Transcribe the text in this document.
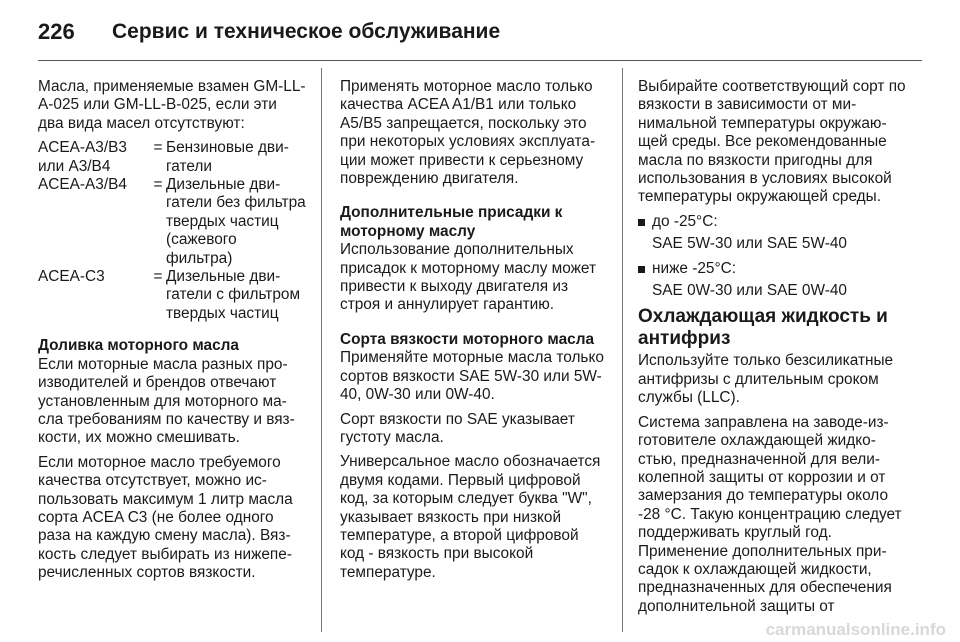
226	Сервис и техническое обслуживание

Масла, применяемые взамен GM-LL-A-025 или GM-LL-B-025, если эти два вида масел отсутствуют:

ACEA-A3/B3 или A3/B4	=	Бензиновые двигатели
ACEA-A3/B4	=	Дизельные двигатели без фильтра твердых частиц (сажевого фильтра)
ACEA-C3	=	Дизельные двигатели с фильтром твердых частиц

Доливка моторного масла

Если моторные масла разных производителей и брендов отвечают установленным для моторного масла требованиям по качеству и вязкости, их можно смешивать.

Если моторное масло требуемого качества отсутствует, можно использовать максимум 1 литр масла сорта ACEA C3 (не более одного раза на каждую смену масла). Вязкость следует выбирать из нижеперечисленных сортов вязкости.

Применять моторное масло только качества ACEA A1/B1 или только A5/B5 запрещается, поскольку это при некоторых условиях эксплуатации может привести к серьезному повреждению двигателя.

Дополнительные присадки к моторному маслу

Использование дополнительных присадок к моторному маслу может привести к выходу двигателя из строя и аннулирует гарантию.

Сорта вязкости моторного масла

Применяйте моторные масла только сортов вязкости SAE 5W-30 или 5W-40, 0W-30 или 0W-40.

Сорт вязкости по SAE указывает густоту масла.

Универсальное масло обозначается двумя кодами. Первый цифровой код, за которым следует буква "W", указывает вязкость при низкой температуре, а второй цифровой код - вязкость при высокой температуре.

Выбирайте соответствующий сорт по вязкости в зависимости от минимальной температуры окружающей среды. Все рекомендованные масла по вязкости пригодны для использования в условиях высокой температуры окружающей среды.

до -25°C:

SAE 5W-30 или SAE 5W-40

ниже -25°C:

SAE 0W-30 или SAE 0W-40

Охлаждающая жидкость и антифриз

Используйте только безсиликатные антифризы с длительным сроком службы (LLC).

Система заправлена на заводе-изготовителе охлаждающей жидкостью, предназначенной для великолепной защиты от коррозии и от замерзания до температуры около -28 °C. Такую концентрацию следует поддерживать круглый год. Применение дополнительных присадок к охлаждающей жидкости, предназначенных для обеспечения дополнительной защиты от

carmanualsonline.info
